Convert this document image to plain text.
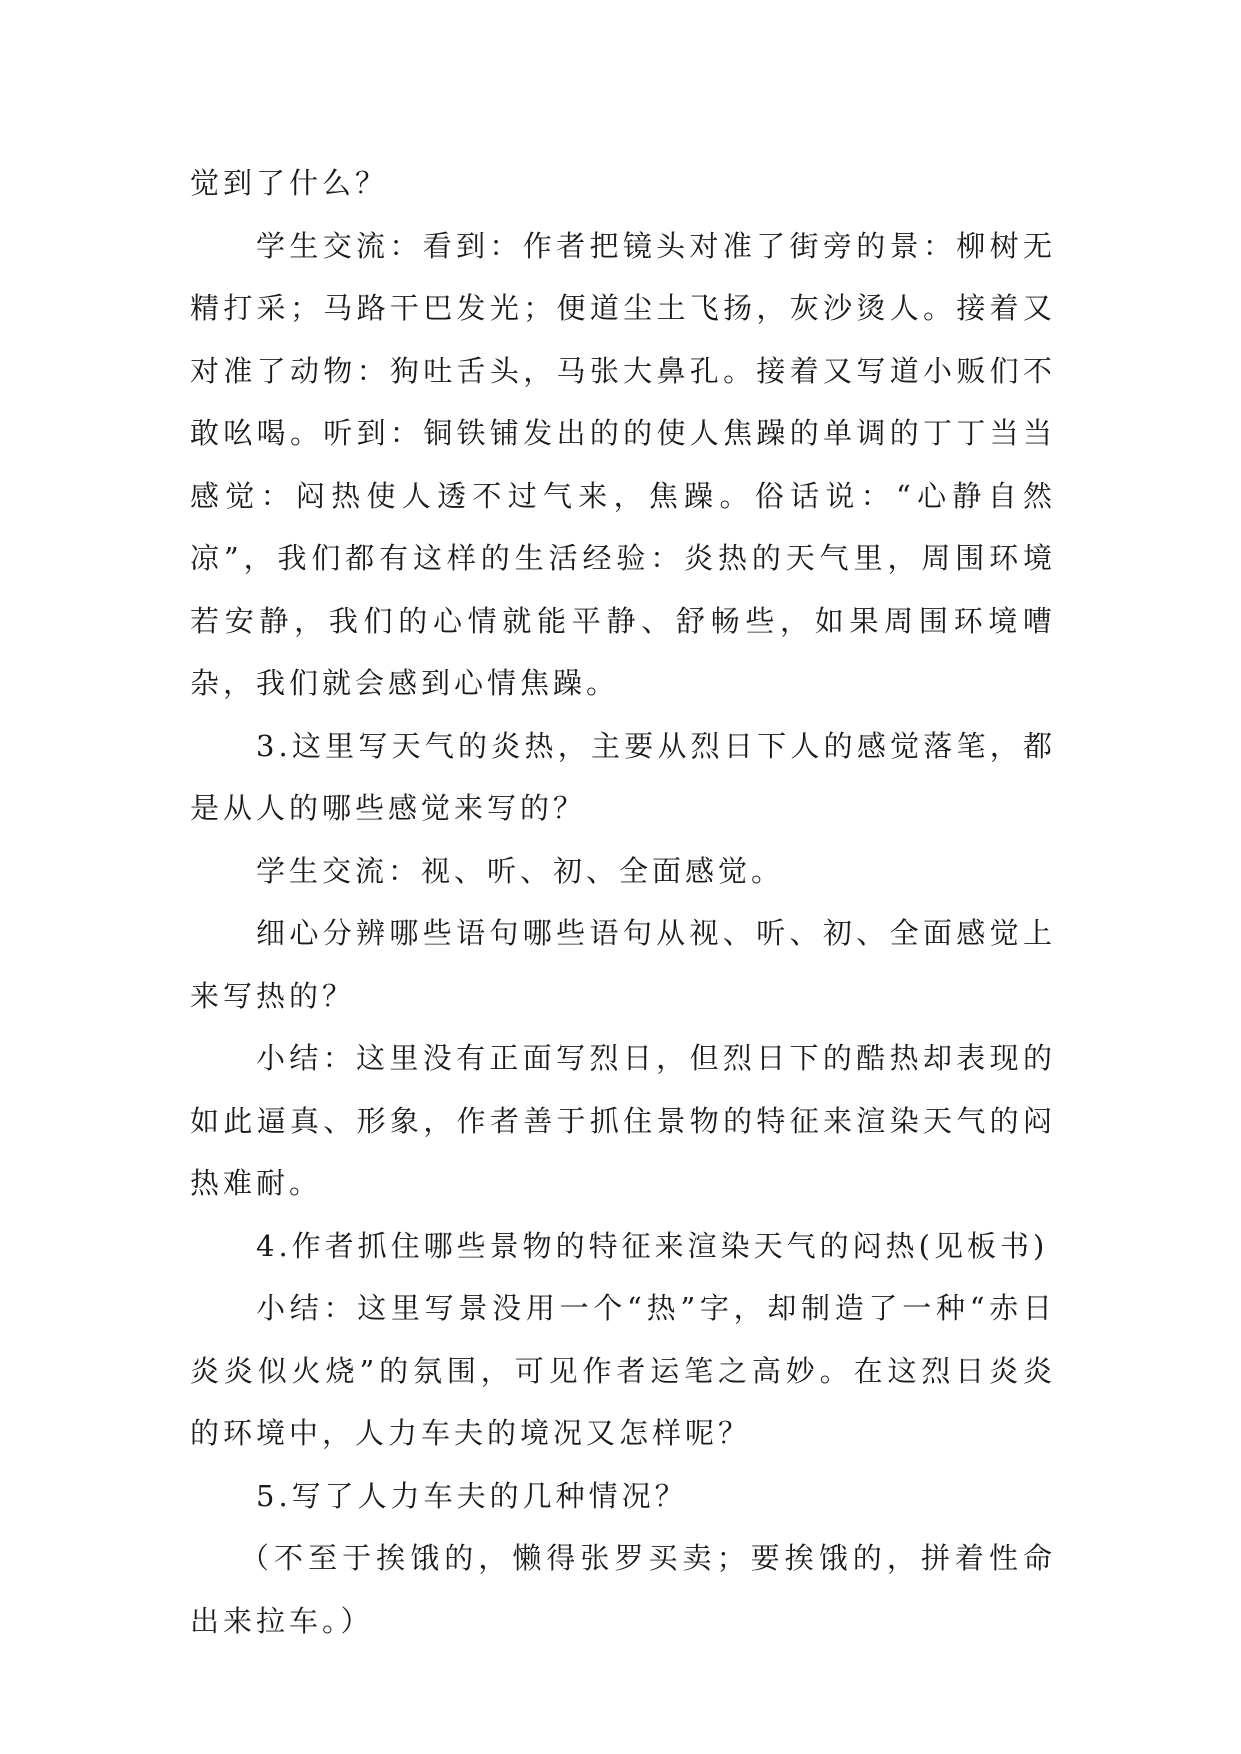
觉到了什么？

学生交流：看到：作者把镜头对准了街旁的景：柳树无精打采；马路干巴发光；便道尘土飞扬，灰沙烫人。接着又对准了动物：狗吐舌头，马张大鼻孔。接着又写道小贩们不敢吆喝。听到：铜铁铺发出的的使人焦躁的单调的丁丁当当感觉：闷热使人透不过气来，焦躁。俗话说：“心静自然凉”，我们都有这样的生活经验：炎热的天气里，周围环境若安静，我们的心情就能平静、舒畅些，如果周围环境嘈杂，我们就会感到心情焦躁。

3.这里写天气的炎热，主要从烈日下人的感觉落笔，都是从人的哪些感觉来写的？

学生交流：视、听、初、全面感觉。

细心分辨哪些语句哪些语句从视、听、初、全面感觉上来写热的？

小结：这里没有正面写烈日，但烈日下的酷热却表现的如此逼真、形象，作者善于抓住景物的特征来渲染天气的闷热难耐。

4.作者抓住哪些景物的特征来渲染天气的闷热(见板书)

小结：这里写景没用一个“热”字，却制造了一种“赤日炎炎似火烧”的氛围，可见作者运笔之高妙。在这烈日炎炎的环境中，人力车夫的境况又怎样呢？

5.写了人力车夫的几种情况？

（不至于挨饿的，懒得张罗买卖；要挨饿的，拼着性命出来拉车。）
